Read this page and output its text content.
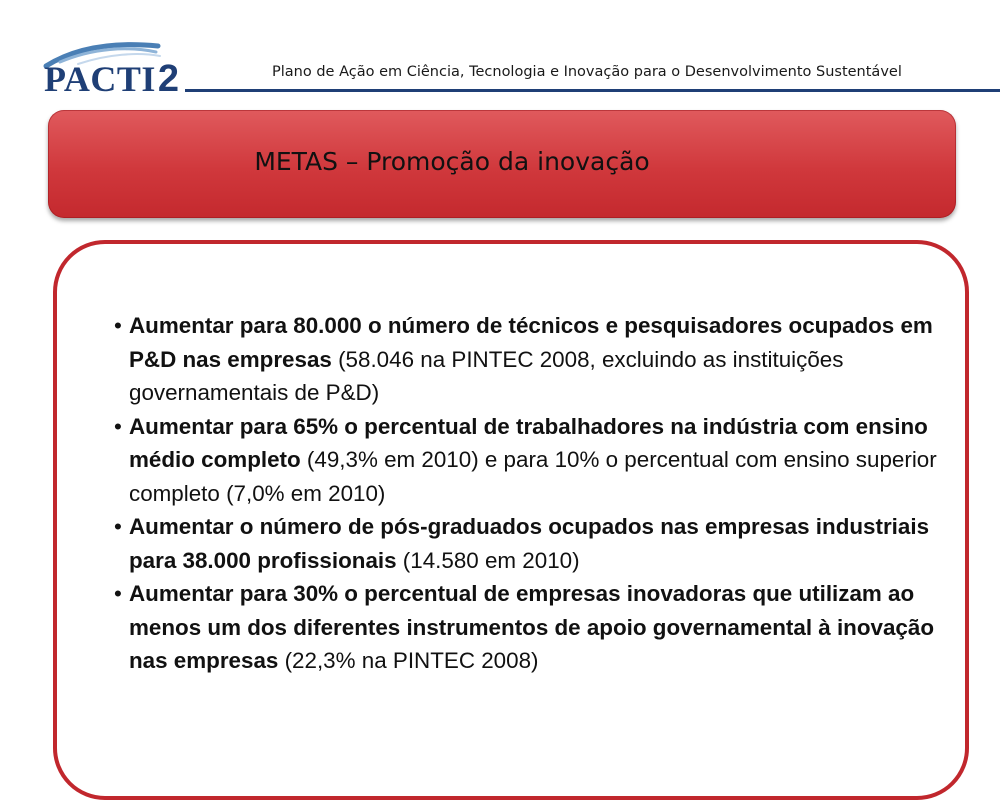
PACTI2	Plano de Ação em Ciência, Tecnologia e Inovação para o Desenvolvimento Sustentável
METAS – Promoção da inovação
• Aumentar para 80.000 o número de técnicos e pesquisadores ocupados em P&D nas empresas (58.046 na PINTEC 2008, excluindo as instituições governamentais de P&D)
• Aumentar para 65% o percentual de trabalhadores na indústria com ensino médio completo (49,3% em 2010) e para 10% o percentual com ensino superior completo (7,0% em 2010)
• Aumentar o número de pós-graduados ocupados nas empresas industriais para 38.000 profissionais (14.580 em 2010)
• Aumentar para 30% o percentual de empresas inovadoras que utilizam ao menos um dos diferentes instrumentos de apoio governamental à inovação nas empresas (22,3% na PINTEC 2008)
